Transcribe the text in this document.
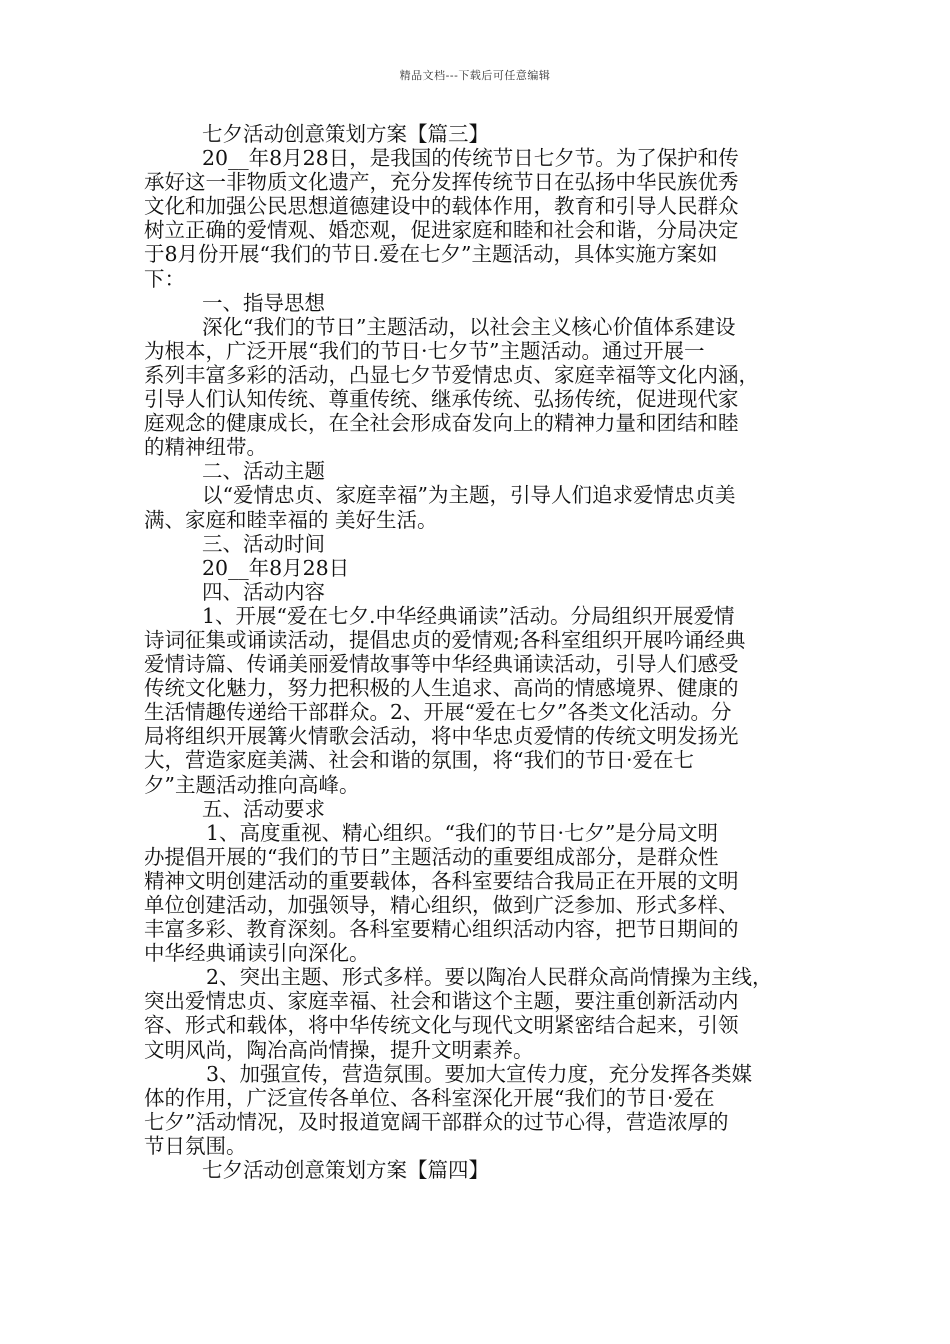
精品文档---下载后可任意编辑
七夕活动创意策划方案【篇三】
20__年8月28日，是我国的传统节日七夕节。为了保护和传
承好这一非物质文化遗产，充分发挥传统节日在弘扬中华民族优秀
文化和加强公民思想道德建设中的载体作用，教育和引导人民群众
树立正确的爱情观、婚恋观，促进家庭和睦和社会和谐，分局决定
于8月份开展“我们的节日.爱在七夕”主题活动，具体实施方案如
下：
一、指导思想
深化“我们的节日”主题活动，以社会主义核心价值体系建设
为根本，广泛开展“我们的节日·七夕节”主题活动。通过开展一
系列丰富多彩的活动，凸显七夕节爱情忠贞、家庭幸福等文化内涵，
引导人们认知传统、尊重传统、继承传统、弘扬传统，促进现代家
庭观念的健康成长，在全社会形成奋发向上的精神力量和团结和睦
的精神纽带。
二、活动主题
以“爱情忠贞、家庭幸福”为主题，引导人们追求爱情忠贞美
满、家庭和睦幸福的 美好生活。
三、活动时间
20__年8月28日
四、活动内容
1、开展“爱在七夕.中华经典诵读”活动。分局组织开展爱情
诗词征集或诵读活动，提倡忠贞的爱情观;各科室组织开展吟诵经典
爱情诗篇、传诵美丽爱情故事等中华经典诵读活动，引导人们感受
传统文化魅力，努力把积极的人生追求、高尚的情感境界、健康的
生活情趣传递给干部群众。2、开展“爱在七夕”各类文化活动。分
局将组织开展篝火情歌会活动，将中华忠贞爱情的传统文明发扬光
大，营造家庭美满、社会和谐的氛围，将“我们的节日·爱在七
夕”主题活动推向高峰。
五、活动要求
1、高度重视、精心组织。“我们的节日·七夕”是分局文明
办提倡开展的“我们的节日”主题活动的重要组成部分，是群众性
精神文明创建活动的重要载体，各科室要结合我局正在开展的文明
单位创建活动，加强领导，精心组织，做到广泛参加、形式多样、
丰富多彩、教育深刻。各科室要精心组织活动内容，把节日期间的
中华经典诵读引向深化。
2、突出主题、形式多样。要以陶冶人民群众高尚情操为主线，
突出爱情忠贞、家庭幸福、社会和谐这个主题，要注重创新活动内
容、形式和载体，将中华传统文化与现代文明紧密结合起来，引领
文明风尚，陶冶高尚情操，提升文明素养。
3、加强宣传，营造氛围。要加大宣传力度，充分发挥各类媒
体的作用，广泛宣传各单位、各科室深化开展“我们的节日·爱在
七夕”活动情况，及时报道宽阔干部群众的过节心得，营造浓厚的
节日氛围。
七夕活动创意策划方案【篇四】
